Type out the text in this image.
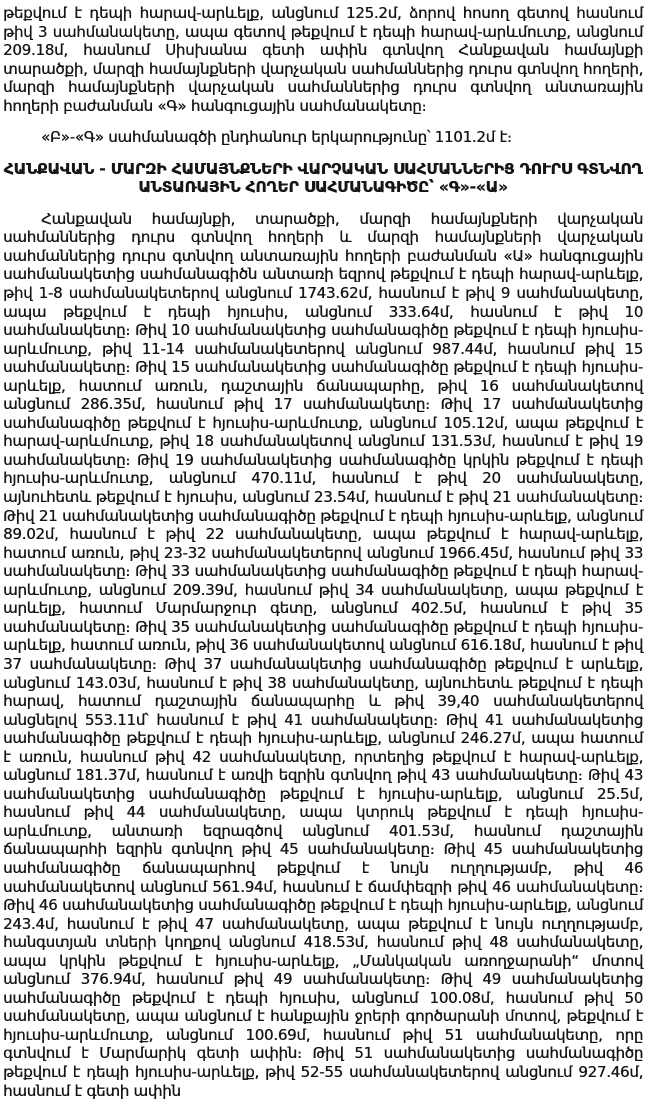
թեքվում է դեպի հարավ-արևելք, անցնում 125.2մ, ձորով հոսող գետով հասնում թիվ 3 սահմանակետը, ապա գետով թեքվում է դեպի հարավ-արևմուտք, անցնում 209.18մ, հասնում Սիսխանա գետի ափին գտնվող Հանքավան համայնքի տարածքի, մարզի համայնքների վարչական սահմաններից դուրս գտնվող հողերի, մարզի համայնքների վարչական սահմաններից դուրս գտնվող անտառային հողերի բաժանման «Գ» հանգուցային սահմանակետը։

«Բ»-«Գ» սահմանագծի ընդհանուր երկարությունը՝ 1101.2մ է։

ՀԱՆՔԱՎԱՆ - ՄԱՐԶԻ ՀԱՄԱՅՆՔՆԵՐԻ ՎԱՐՉԱԿԱՆ ՍԱՀՄԱՆՆԵՐԻՑ ԴՈՒՐՍ ԳՏՆՎՈՂ
ԱՆՏԱՌԱՅԻՆ ՀՈՂԵՐ ՍԱՀՄԱՆԱԳԻԾԸ՝ «Գ»-«Ա»

Հանքավան համայնքի, տարածքի, մարզի համայնքների վարչական սահմաններից դուրս գտնվող հողերի և մարզի համայնքների վարչական սահմաններից դուրս գտնվող անտառային հողերի բաժանման «Ա» հանգուցային սահմանակետից սահմանագիծն անտառի եզրով թեքվում է դեպի հարավ-արևելք, թիվ 1-8 սահմանակետերով անցնում 1743.62մ, հասնում է թիվ 9 սահմանակետը, ապա թեքվում է դեպի հյուսիս, անցնում 333.64մ, հասնում է թիվ 10 սահմանակետը։ Թիվ 10 սահմանակետից սահմանագիծը թեքվում է դեպի հյուսիս-արևմուտք, թիվ 11-14 սահմանակետերով անցնում 987.44մ, հասնում թիվ 15 սահմանակետը։ Թիվ 15 սահմանակետից սահմանագիծը թեքվում է դեպի հյուսիս-արևելք, հատում առուն, դաշտային ճանապարհը, թիվ 16 սահմանակետով անցնում 286.35մ, հասնում թիվ 17 սահմանակետը։ Թիվ 17 սահմանակետից սահմանագիծը թեքվում է հյուսիս-արևմուտք, անցնում 105.12մ, ապա թեքվում է հարավ-արևմուտք, թիվ 18 սահմանակետով անցնում 131.53մ, հասնում է թիվ 19 սահմանակետը։ Թիվ 19 սահմանակետից սահմանագիծը կրկին թեքվում է դեպի հյուսիս-արևմուտք, անցնում 470.11մ, հասնում է թիվ 20 սահմանակետը, այնուհետև թեքվում է հյուսիս, անցնում 23.54մ, հասնում է թիվ 21 սահմանակետը։ Թիվ 21 սահմանակետից սահմանագիծը թեքվում է դեպի հյուսիս-արևելք, անցնում 89.02մ, հասնում է թիվ 22 սահմանակետը, ապա թեքվում է հարավ-արևելք, հատում առուն, թիվ 23-32 սահմանակետերով անցնում 1966.45մ, հասնում թիվ 33 սահմանակետը։ Թիվ 33 սահմանակետից սահմանագիծը թեքվում է դեպի հարավ-արևմուտք, անցնում 209.39մ, հասնում թիվ 34 սահմանակետը, ապա թեքվում է արևելք, հատում Մարմարջուր գետը, անցնում 402.5մ, հասնում է թիվ 35 սահմանակետը։ Թիվ 35 սահմանակետից սահմանագիծը թեքվում է դեպի հյուսիս-արևելք, հատում առուն, թիվ 36 սահմանակետով անցնում 616.18մ, հասնում է թիվ 37 սահմանակետը։ Թիվ 37 սահմանակետից սահմանագիծը թեքվում է արևելք, անցնում 143.03մ, հասնում է թիվ 38 սահմանակետը, այնուհետև թեքվում է դեպի հարավ, հատում դաշտային ճանապարհը և թիվ 39,40 սահմանակետերով անցնելով 553.11մ՝ հասնում է թիվ 41 սահմանակետը։ Թիվ 41 սահմանակետից սահմանագիծը թեքվում է դեպի հյուսիս-արևելք, անցնում 246.27մ, ապա հատում է առուն, հասնում թիվ 42 սահմանակետը, որտեղից թեքվում է հարավ-արևելք, անցնում 181.37մ, հասնում է առվի եզրին գտնվող թիվ 43 սահմանակետը։ Թիվ 43 սահմանակետից սահմանագիծը թեքվում է հյուսիս-արևելք, անցնում 25.5մ, հասնում թիվ 44 սահմանակետը, ապա կտրուկ թեքվում է դեպի հյուսիս-արևմուտք, անտառի եզրագծով անցնում 401.53մ, հասնում դաշտային ճանապարհի եզրին գտնվող թիվ 45 սահմանակետը։ Թիվ 45 սահմանակետից սահմանագիծը ճանապարհով թեքվում է նույն ուղղությամբ, թիվ 46 սահմանակետով անցնում 561.94մ, հասնում է ճամփեզրի թիվ 46 սահմանակետը։ Թիվ 46 սահմանակետից սահմանագիծը թեքվում է դեպի հյուսիս-արևելք, անցնում 243.4մ, հասնում է թիվ 47 սահմանակետը, ապա թեքվում է նույն ուղղությամբ, հանգստյան տների կողքով անցնում 418.53մ, հասնում թիվ 48 սահմանակետը, ապա կրկին թեքվում է հյուսիս-արևելք, „Մանկական առողջարանի“ մոտով անցնում 376.94մ, հասնում թիվ 49 սահմանակետը։ Թիվ 49 սահմանակետից սահմանագիծը թեքվում է դեպի հյուսիս, անցնում 100.08մ, հասնում թիվ 50 սահմանակետը, ապա անցնում է հանքային ջրերի գործարանի մոտով, թեքվում է հյուսիս-արևմուտք, անցնում 100.69մ, հասնում թիվ 51 սահմանակետը, որը գտնվում է Մարմարիկ գետի ափին։ Թիվ 51 սահմանակետից սահմանագիծը թեքվում է դեպի հյուսիս-արևելք, թիվ 52-55 սահմանակետերով անցնում 927.46մ, հասնում է գետի ափին
